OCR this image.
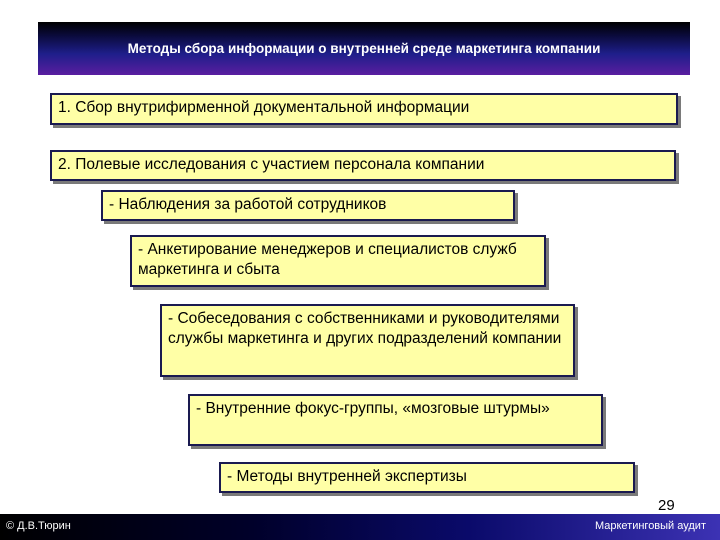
Методы сбора информации о внутренней среде маркетинга компании
1. Сбор внутрифирменной документальной информации
2. Полевые исследования с участием персонала компании
- Наблюдения за работой сотрудников
- Анкетирование менеджеров и специалистов служб маркетинга и сбыта
- Собеседования с собственниками и руководителями службы маркетинга и других подразделений компании
- Внутренние фокус-группы, «мозговые штурмы»
- Методы внутренней экспертизы
29
© Д.В.Тюрин	Маркетинговый аудит
